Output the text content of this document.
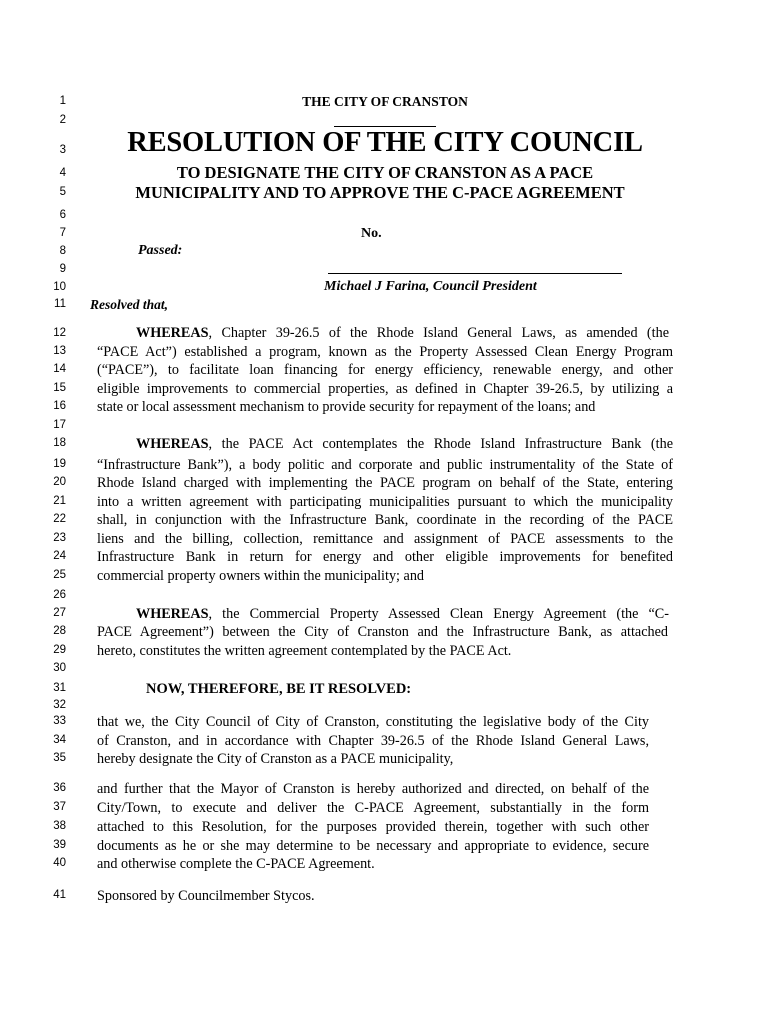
1
2
3
4
5
6
7
8
9
10
11
12
13
14
15
16
17
18
19
20
21
22
23
24
25
26
27
28
29
30
31
32
33
34
35
36
37
38
39
40
41
THE CITY OF CRANSTON
RESOLUTION OF THE CITY COUNCIL
TO DESIGNATE THE CITY OF CRANSTON AS A PACE
MUNICIPALITY AND TO APPROVE THE C-PACE AGREEMENT
No.
Passed:
Michael J Farina, Council President
Resolved that,
WHEREAS, Chapter 39-26.5 of the Rhode Island General Laws, as amended (the
“PACE Act”) established a program, known as the Property Assessed Clean Energy Program
(“PACE”), to facilitate loan financing for energy efficiency, renewable energy, and other
eligible improvements to commercial properties, as defined in Chapter 39-26.5, by utilizing a
state or local assessment mechanism to provide security for repayment of the loans; and
WHEREAS, the PACE Act contemplates the Rhode Island Infrastructure Bank (the
“Infrastructure Bank”), a body politic and corporate and public instrumentality of the State of
Rhode Island charged with implementing the PACE program on behalf of the State, entering
into a written agreement with participating municipalities pursuant to which the municipality
shall, in conjunction with the Infrastructure Bank, coordinate in the recording of the PACE
liens and the billing, collection, remittance and assignment of PACE assessments to the
Infrastructure Bank in return for energy and other eligible improvements for benefited
commercial property owners within the municipality; and
WHEREAS, the Commercial Property Assessed Clean Energy Agreement (the “C-
PACE Agreement”) between the City of Cranston and the Infrastructure Bank, as attached
hereto, constitutes the written agreement contemplated by the PACE Act.
NOW, THEREFORE, BE IT RESOLVED:
that we, the City Council of City of Cranston, constituting the legislative body of the City
of Cranston, and in accordance with Chapter 39-26.5 of the Rhode Island General Laws,
hereby designate the City of Cranston as a PACE municipality,
and further that the Mayor of Cranston is hereby authorized and directed, on behalf of the
City/Town, to execute and deliver the C-PACE Agreement, substantially in the form
attached to this Resolution, for the purposes provided therein, together with such other
documents as he or she may determine to be necessary and appropriate to evidence, secure
and otherwise complete the C-PACE Agreement.
Sponsored by Councilmember Stycos.
